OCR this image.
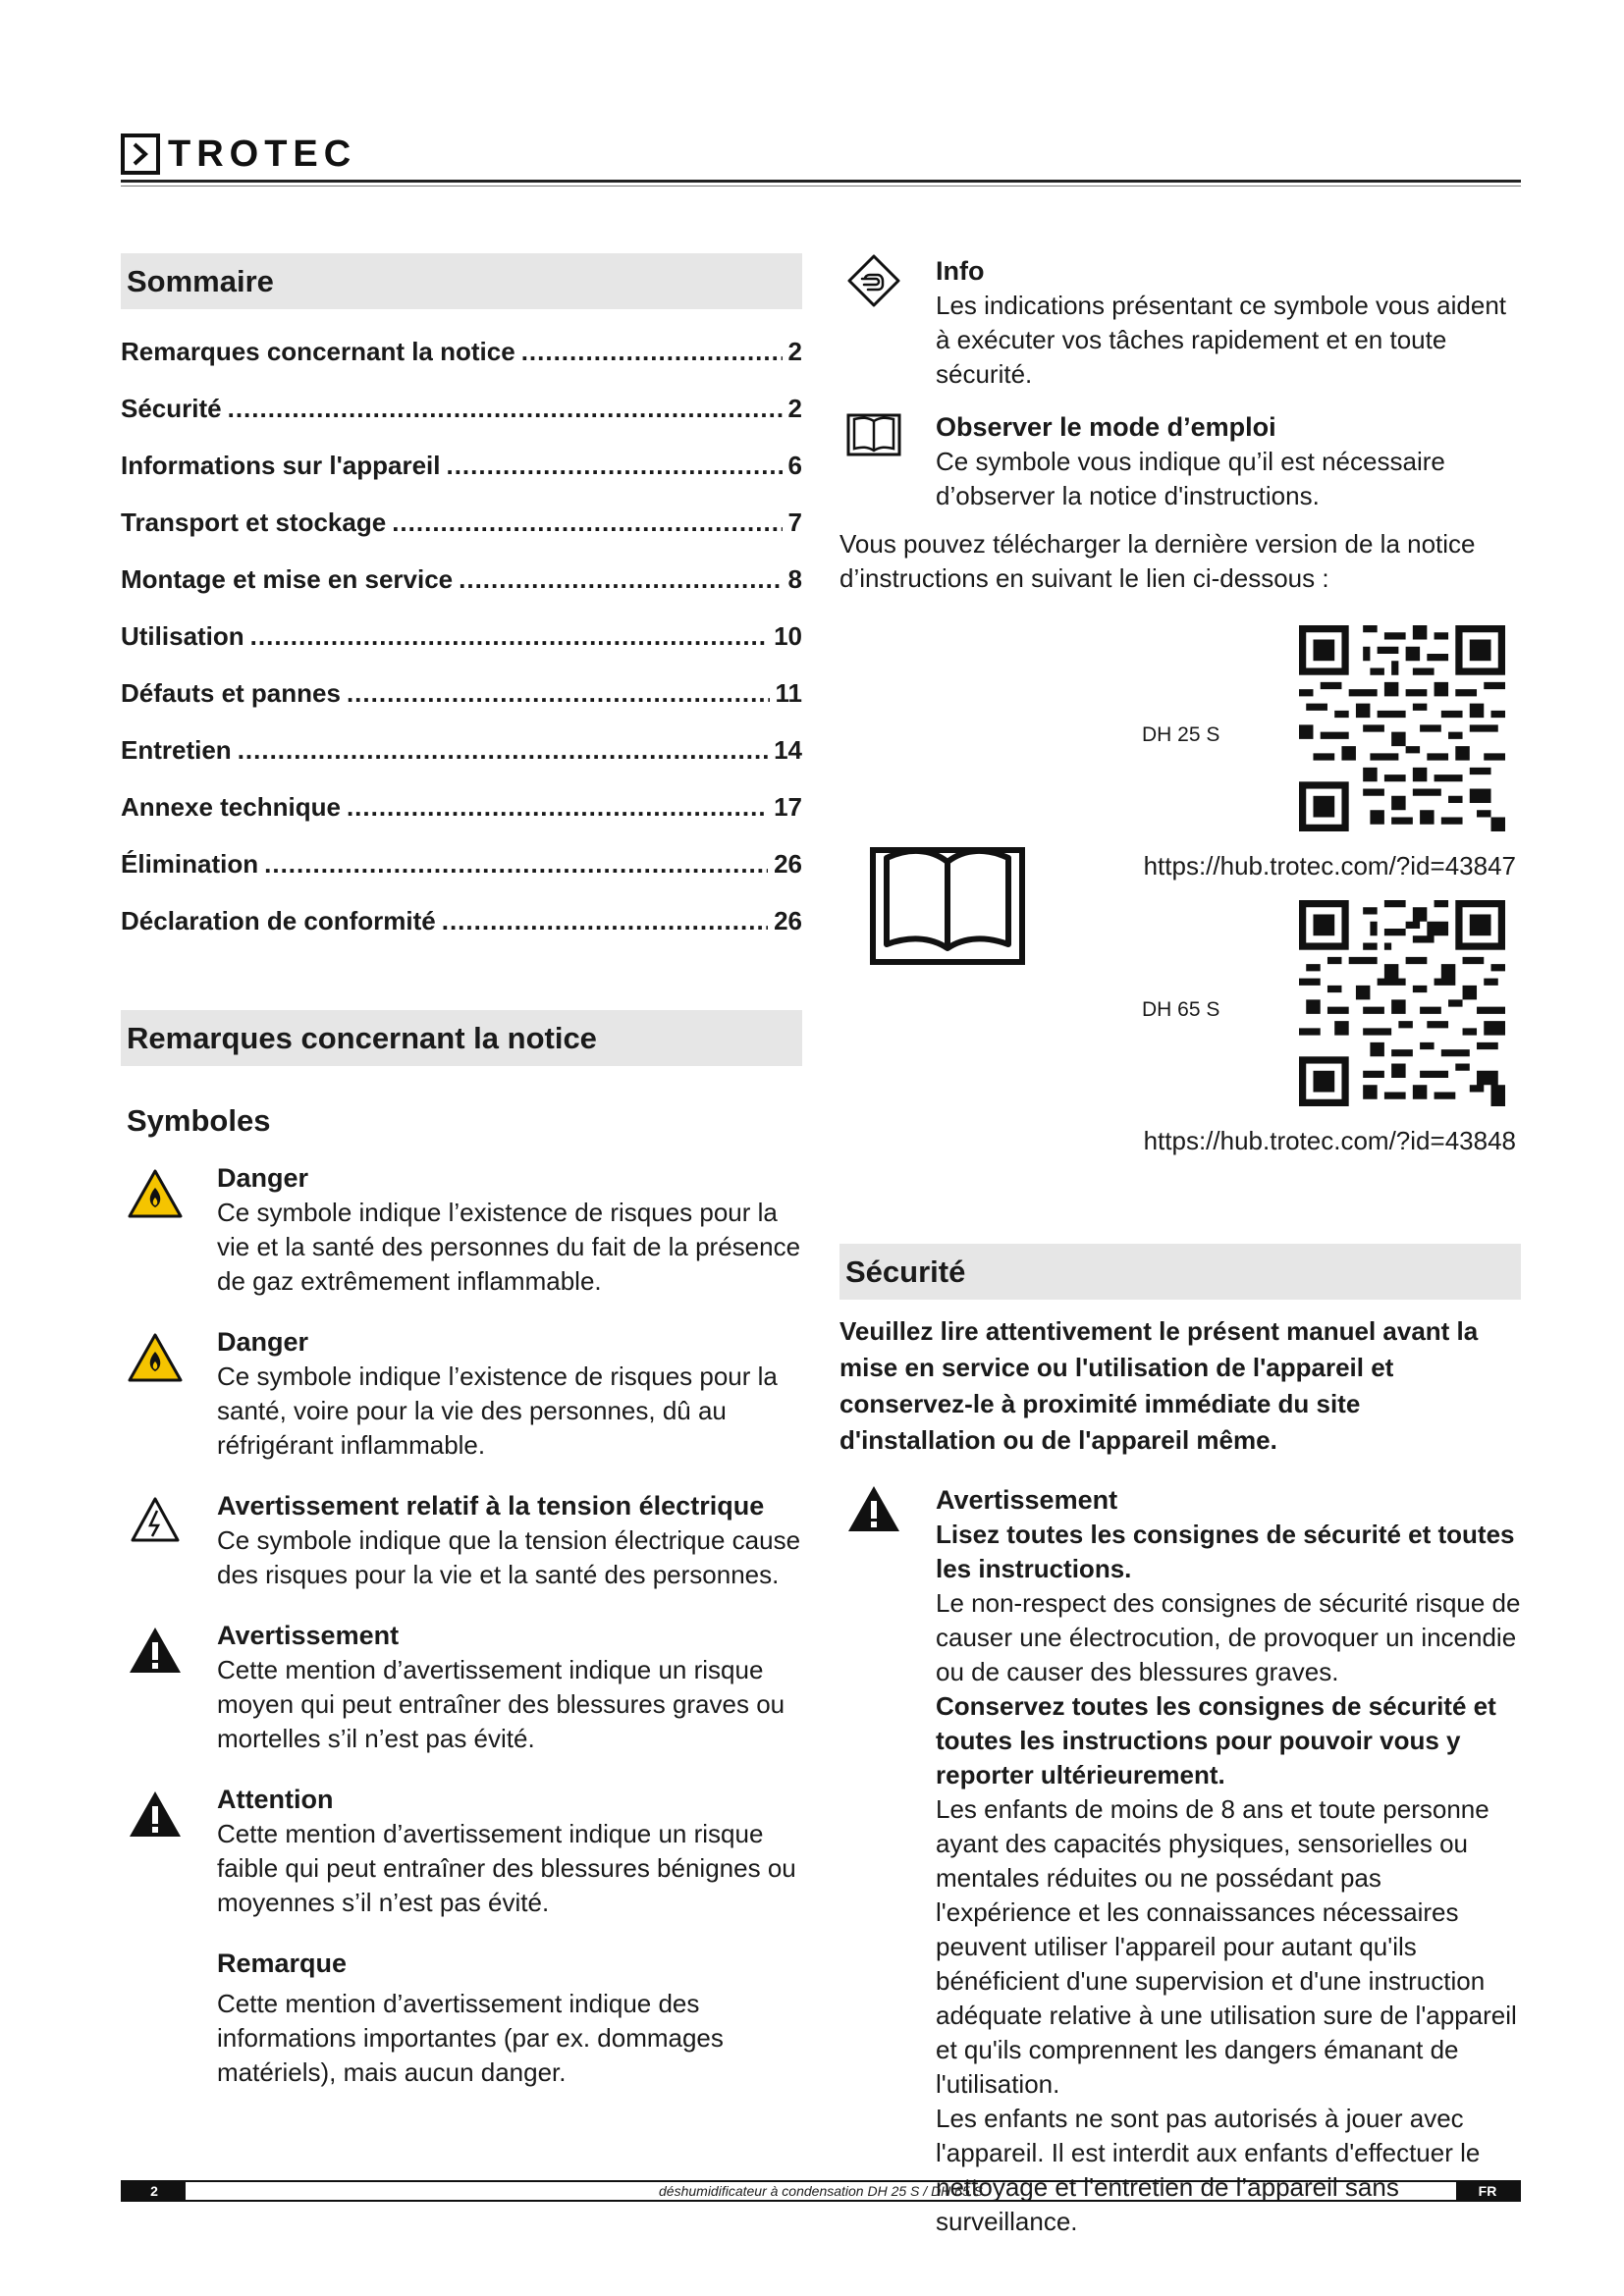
TROTEC
Sommaire
Remarques concernant la notice .....	2
Sécurité .....	2
Informations sur l'appareil .....	6
Transport et stockage .....	7
Montage et mise en service .....	8
Utilisation .....	10
Défauts et pannes .....	11
Entretien .....	14
Annexe technique .....	17
Élimination .....	26
Déclaration de conformité .....	26
Remarques concernant la notice
Symboles
Danger
Ce symbole indique l’existence de risques pour la vie et la santé des personnes du fait de la présence de gaz extrêmement inflammable.
Danger
Ce symbole indique l’existence de risques pour la santé, voire pour la vie des personnes, dû au réfrigérant inflammable.
Avertissement relatif à la tension électrique
Ce symbole indique que la tension électrique cause des risques pour la vie et la santé des personnes.
Avertissement
Cette mention d’avertissement indique un risque moyen qui peut entraîner des blessures graves ou mortelles s’il n’est pas évité.
Attention
Cette mention d’avertissement indique un risque faible qui peut entraîner des blessures bénignes ou moyennes s’il n’est pas évité.
Remarque
Cette mention d’avertissement indique des informations importantes (par ex. dommages matériels), mais aucun danger.
Info
Les indications présentant ce symbole vous aident à exécuter vos tâches rapidement et en toute sécurité.
Observer le mode d’emploi
Ce symbole vous indique qu’il est nécessaire d’observer la notice d'instructions.
Vous pouvez télécharger la dernière version de la notice d’instructions en suivant le lien ci-dessous :
DH 25 S
https://hub.trotec.com/?id=43847
DH 65 S
https://hub.trotec.com/?id=43848
Sécurité
Veuillez lire attentivement le présent manuel avant la mise en service ou l'utilisation de l'appareil et conservez-le à proximité immédiate du site d'installation ou de l'appareil même.
Avertissement
Lisez toutes les consignes de sécurité et toutes les instructions.
Le non-respect des consignes de sécurité risque de causer une électrocution, de provoquer un incendie ou de causer des blessures graves.
Conservez toutes les consignes de sécurité et toutes les instructions pour pouvoir vous y reporter ultérieurement.
Les enfants de moins de 8 ans et toute personne ayant des capacités physiques, sensorielles ou mentales réduites ou ne possédant pas l'expérience et les connaissances nécessaires peuvent utiliser l'appareil pour autant qu'ils bénéficient d'une supervision et d'une instruction adéquate relative à une utilisation sure de l'appareil et qu'ils comprennent les dangers émanant de l'utilisation.
Les enfants ne sont pas autorisés à jouer avec l'appareil. Il est interdit aux enfants d'effectuer le nettoyage et l'entretien de l’appareil sans surveillance.
2	déshumidificateur à condensation DH 25 S / DH 65 S	FR
